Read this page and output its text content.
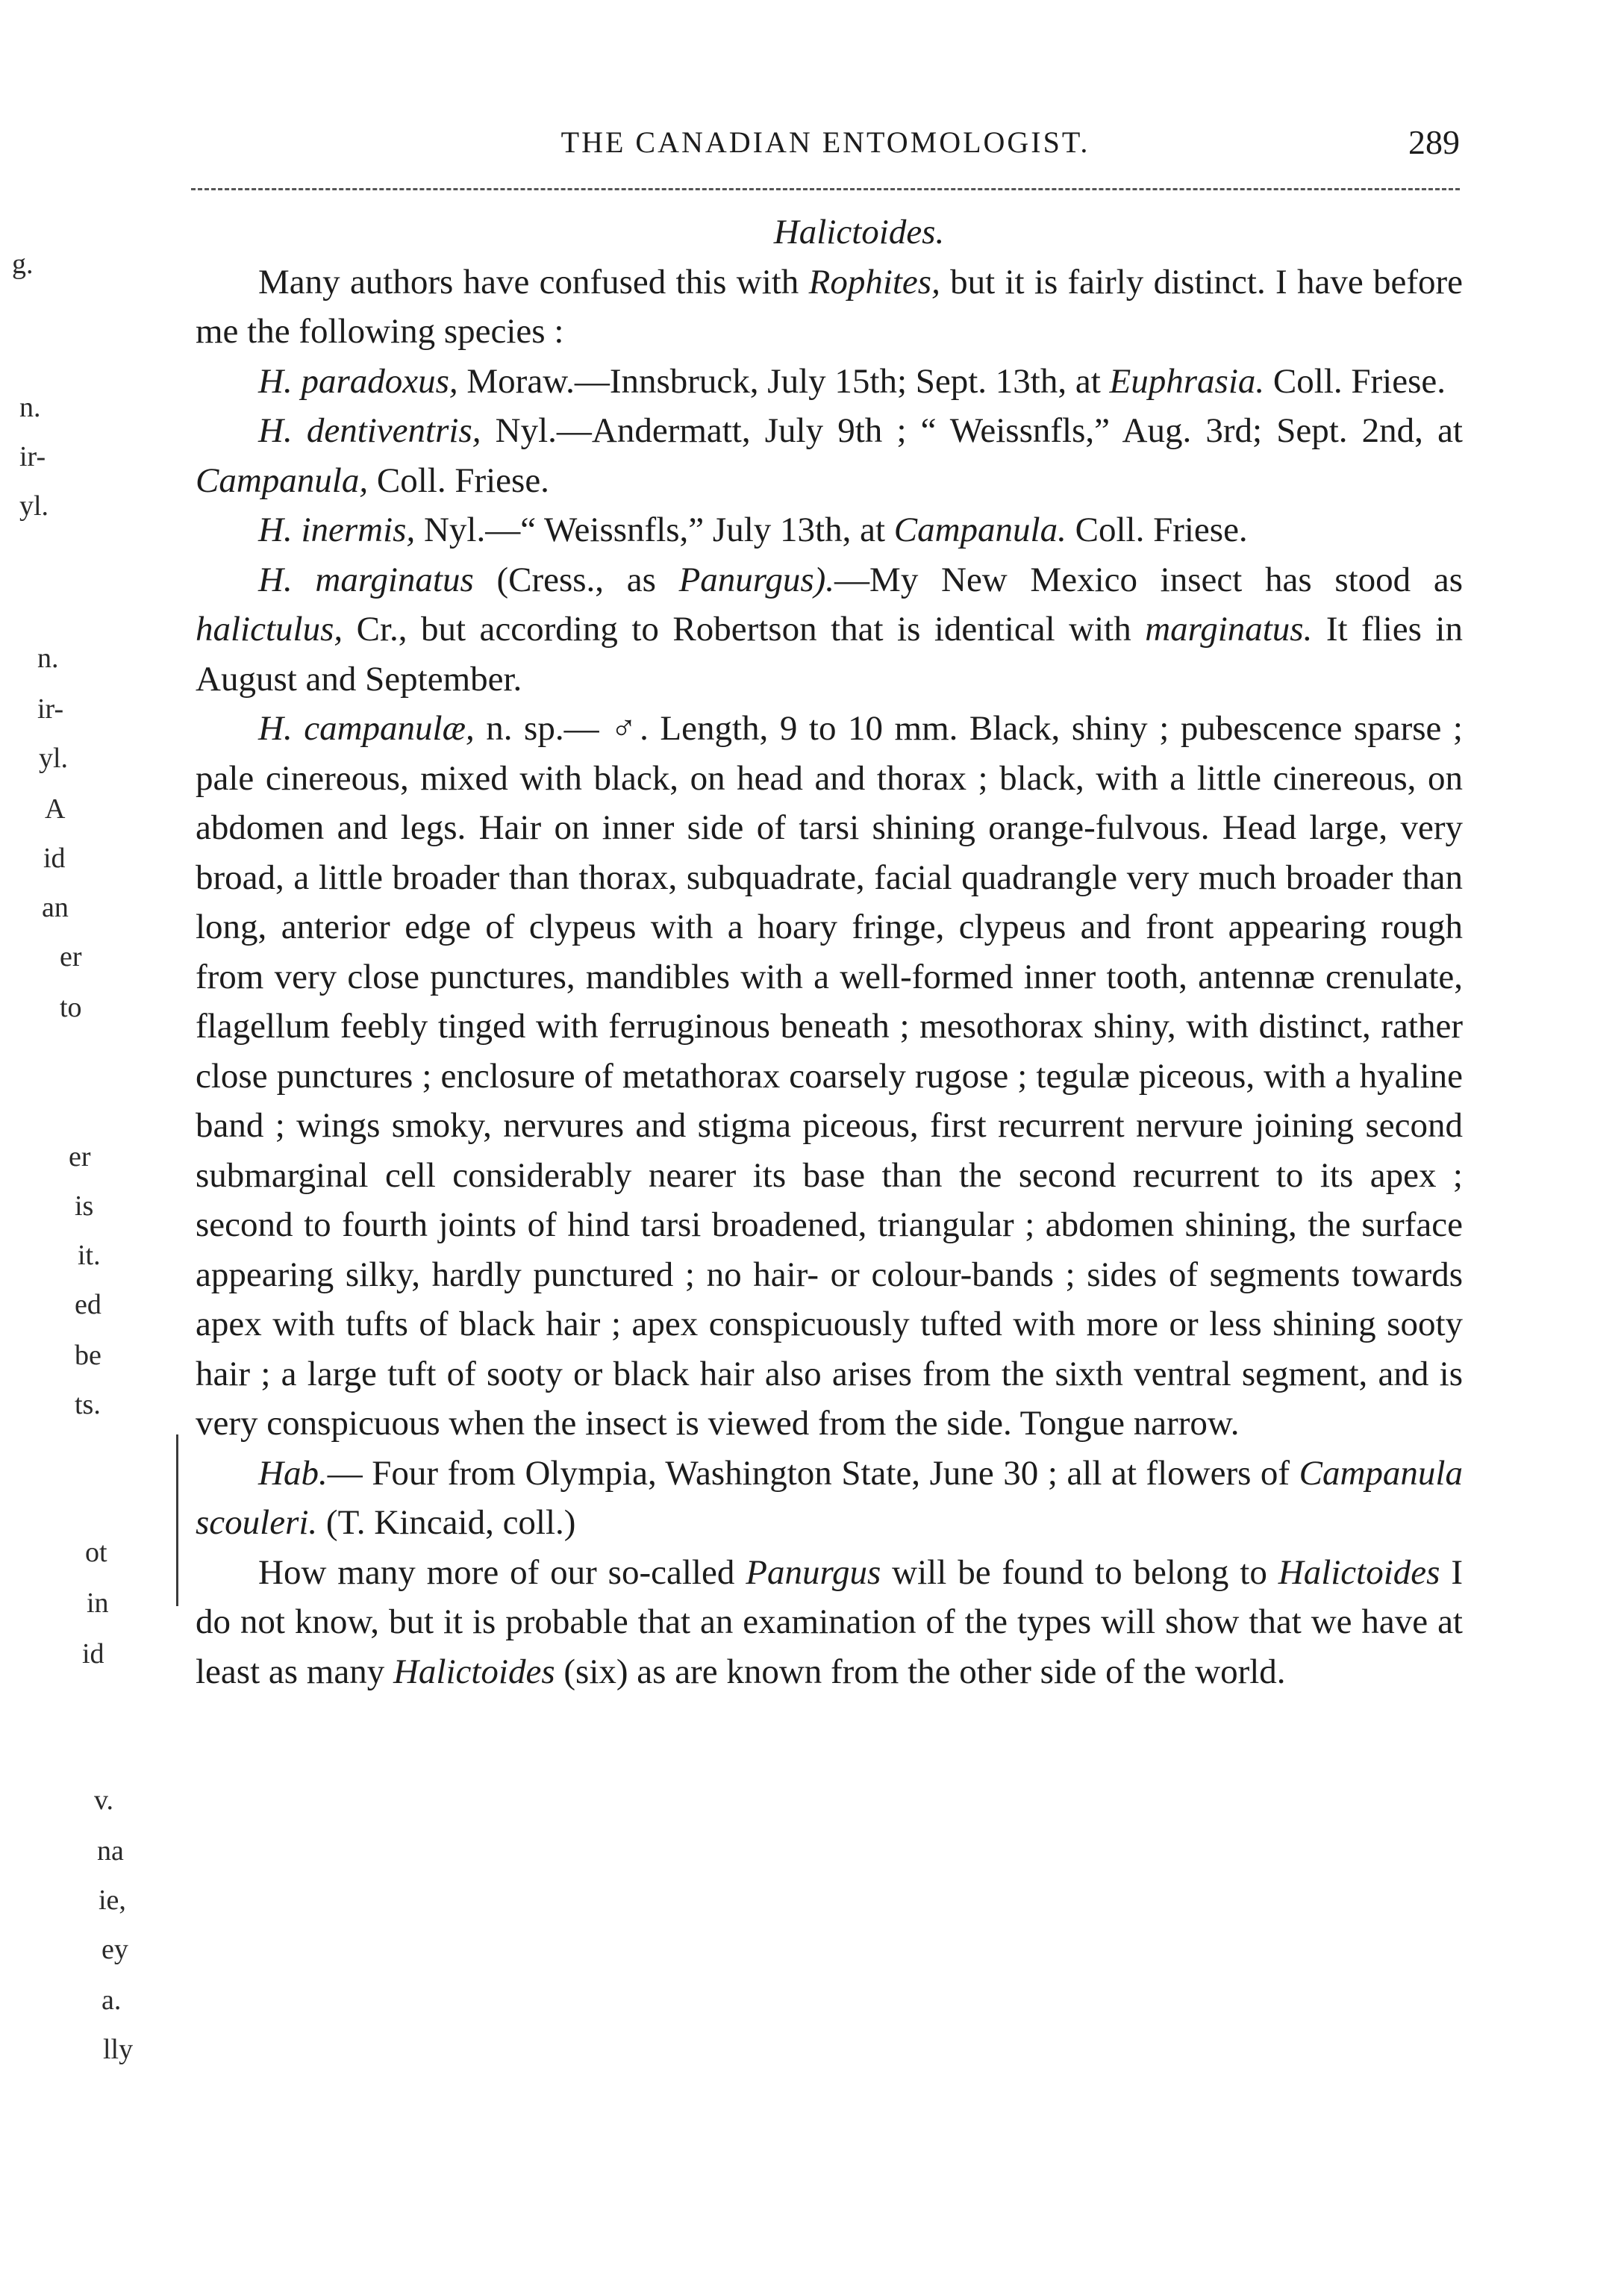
THE CANADIAN ENTOMOLOGIST.	289
g.
n.
ir-
yl.
n.
ir-
yl.
A
id
an
er
to
er
is
it.
ed
be
ts.
ot
in
id
v.
na
ie,
ey
a.
lly

Halictoides.

Many authors have confused this with Rophites, but it is fairly distinct. I have before me the following species :

H. paradoxus, Moraw.—Innsbruck, July 15th; Sept. 13th, at Euphrasia. Coll. Friese.

H. dentiventris, Nyl.—Andermatt, July 9th ; “ Weissnfls,” Aug. 3rd; Sept. 2nd, at Campanula, Coll. Friese.

H. inermis, Nyl.—“ Weissnfls,” July 13th, at Campanula. Coll. Friese.

H. marginatus (Cress., as Panurgus).—My New Mexico insect has stood as halictulus, Cr., but according to Robertson that is identical with marginatus. It flies in August and September.

H. campanulæ, n. sp.— ♂. Length, 9 to 10 mm. Black, shiny ; pubescence sparse ; pale cinereous, mixed with black, on head and thorax ; black, with a little cinereous, on abdomen and legs. Hair on inner side of tarsi shining orange-fulvous. Head large, very broad, a little broader than thorax, subquadrate, facial quadrangle very much broader than long, anterior edge of clypeus with a hoary fringe, clypeus and front appearing rough from very close punctures, mandibles with a well-formed inner tooth, antennæ crenulate, flagellum feebly tinged with ferruginous beneath ; mesothorax shiny, with distinct, rather close punctures ; enclosure of metathorax coarsely rugose ; tegulæ piceous, with a hyaline band ; wings smoky, nervures and stigma piceous, first recurrent nervure joining second submarginal cell considerably nearer its base than the second recurrent to its apex ; second to fourth joints of hind tarsi broadened, triangular ; abdomen shining, the surface appearing silky, hardly punctured ; no hair- or colour-bands ; sides of segments towards apex with tufts of black hair ; apex conspicuously tufted with more or less shining sooty hair ; a large tuft of sooty or black hair also arises from the sixth ventral segment, and is very conspicuous when the insect is viewed from the side. Tongue narrow.

Hab.— Four from Olympia, Washington State, June 30 ; all at flowers of Campanula scouleri. (T. Kincaid, coll.)

How many more of our so-called Panurgus will be found to belong to Halictoides I do not know, but it is probable that an examination of the types will show that we have at least as many Halictoides (six) as are known from the other side of the world.
